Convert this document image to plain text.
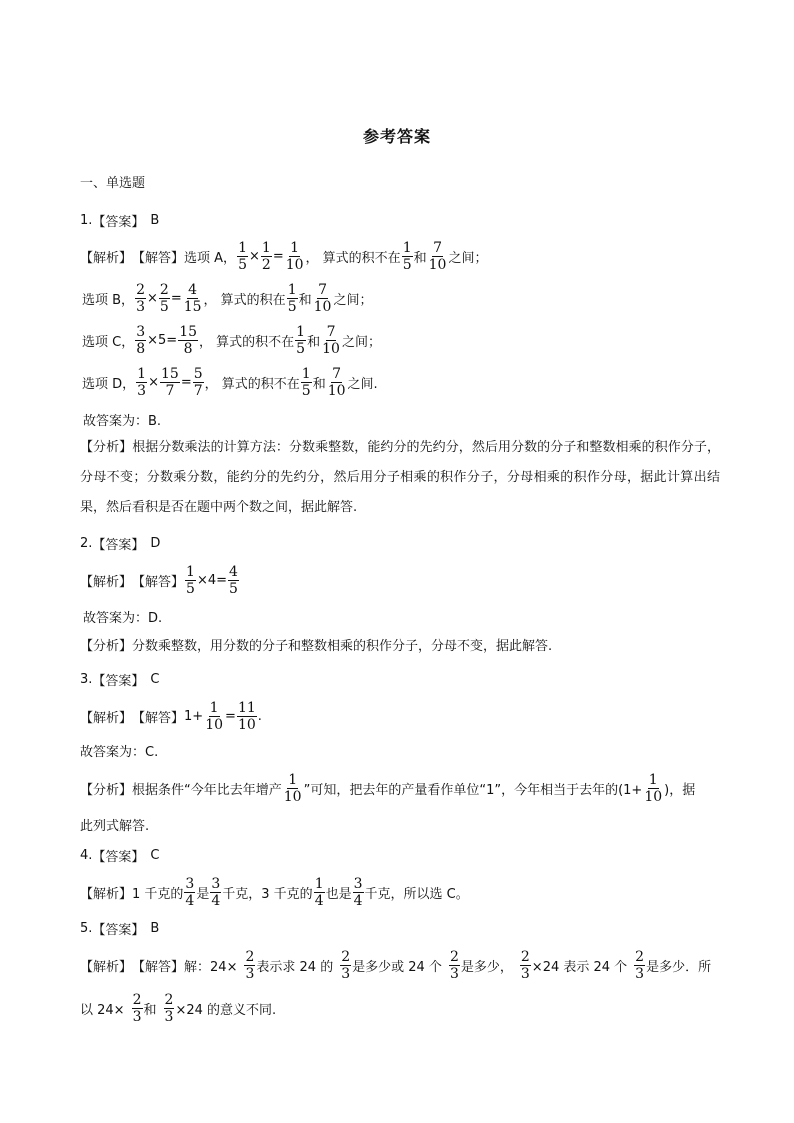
参考答案
一、单选题
1. 【答案】 B
【解析】 【解答】 选项 A， $\frac{1}{5} \times \frac{1}{2} = \frac{1}{10}$ ， 算式的积不在 $\frac{1}{5}$ 和 $\frac{7}{10}$ 之间；
选项 B， $\frac{2}{3} \times \frac{2}{5} = \frac{4}{15}$ ， 算式的积在 $\frac{1}{5}$ 和 $\frac{7}{10}$ 之间；
选项 C， $\frac{3}{8} \times 5= \frac{15}{8}$ ， 算式的积不在 $\frac{1}{5}$ 和 $\frac{7}{10}$ 之间；
选项 D， $\frac{1}{3} \times \frac{15}{7} = \frac{5}{7}$ ， 算式的积不在 $\frac{1}{5}$ 和 $\frac{7}{10}$ 之间.
故答案为：B.
【分析】根据分数乘法的计算方法：分数乘整数，能约分的先约分，然后用分数的分子和整数相乘的积作分子，分母不变；分数乘分数，能约分的先约分，然后用分子相乘的积作分子，分母相乘的积作分母，据此计算出结果，然后看积是否在题中两个数之间，据此解答.
2. 【答案】 D
【解析】 【解答】 $\frac{1}{5} \times 4= \frac{4}{5}$
故答案为：D.
【分析】分数乘整数，用分数的分子和整数相乘的积作分子，分母不变，据此解答.
3. 【答案】 C
【解析】 【解答】 $1+ \frac{1}{10} = \frac{11}{10}$ .
故答案为：C.
【分析】 根据条件“今年比去年增产 $\frac{1}{10}$ ”可知，把去年的产量看作单位“1”，今年相当于去年的($1+ \frac{1}{10}$ )，据
此列式解答.
4. 【答案】 C
【解析】 1 千克的 $\frac{3}{4}$ 是 $\frac{3}{4}$ 千克，3 千克的 $\frac{1}{4}$ 也是 $\frac{3}{4}$ 千克，所以选 C。
5. 【答案】 B
【解析】 【解答】 解：$24\times \frac{2}{3}$ 表示求 24 的 $\frac{2}{3}$ 是多少或 24 个 $\frac{2}{3}$ 是多少， $\frac{2}{3} \times 24$ 表示 24 个 $\frac{2}{3}$ 是多少．所
以 $24\times \frac{2}{3}$ 和 $\frac{2}{3} \times 24$ 的意义不同.
